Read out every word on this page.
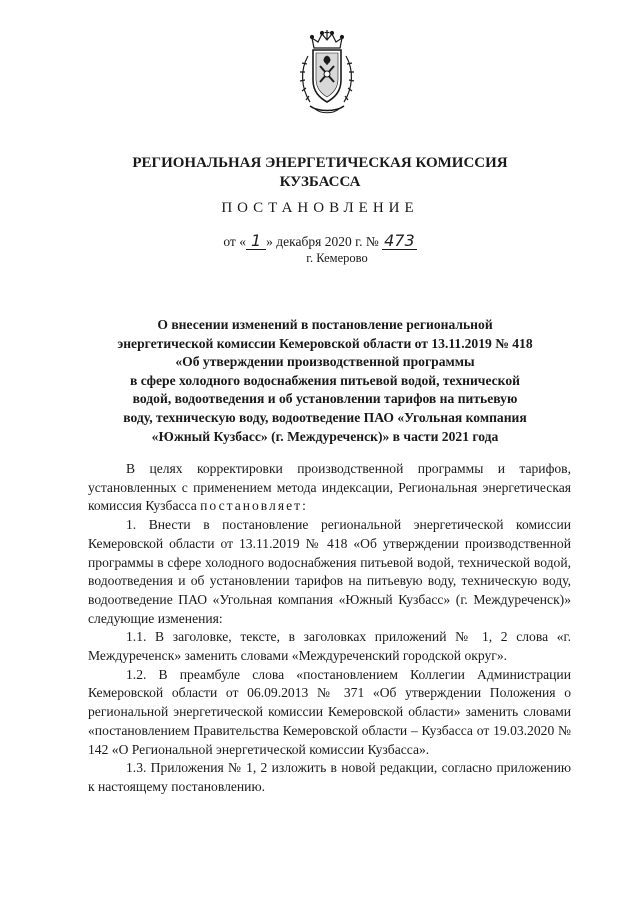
РЕГИОНАЛЬНАЯ ЭНЕРГЕТИЧЕСКАЯ КОМИССИЯ

КУЗБАССА

ПОСТАНОВЛЕНИЕ

от « 1 » декабря 2020 г. № 473

г. Кемерово

О внесении изменений в постановление региональной
энергетической комиссии Кемеровской области от 13.11.2019 № 418
«Об утверждении производственной программы
в сфере холодного водоснабжения питьевой водой, технической
водой, водоотведения и об установлении тарифов на питьевую
воду, техническую воду, водоотведение ПАО «Угольная компания
«Южный Кузбасс» (г. Междуреченск)» в части 2021 года

В целях корректировки производственной программы и тарифов, установленных с применением метода индексации, Региональная энергетическая комиссия Кузбасса постановляет:

1. Внести в постановление региональной энергетической комиссии Кемеровской области от 13.11.2019 № 418 «Об утверждении производственной программы в сфере холодного водоснабжения питьевой водой, технической водой, водоотведения и об установлении тарифов на питьевую воду, техническую воду, водоотведение ПАО «Угольная компания «Южный Кузбасс» (г. Междуреченск)» следующие изменения:

1.1. В заголовке, тексте, в заголовках приложений № 1, 2 слова «г. Междуреченск» заменить словами «Междуреченский городской округ».

1.2. В преамбуле слова «постановлением Коллегии Администрации Кемеровской области от 06.09.2013 № 371 «Об утверждении Положения о региональной энергетической комиссии Кемеровской области» заменить словами «постановлением Правительства Кемеровской области – Кузбасса от 19.03.2020 № 142 «О Региональной энергетической комиссии Кузбасса».

1.3. Приложения № 1, 2 изложить в новой редакции, согласно приложению к настоящему постановлению.
